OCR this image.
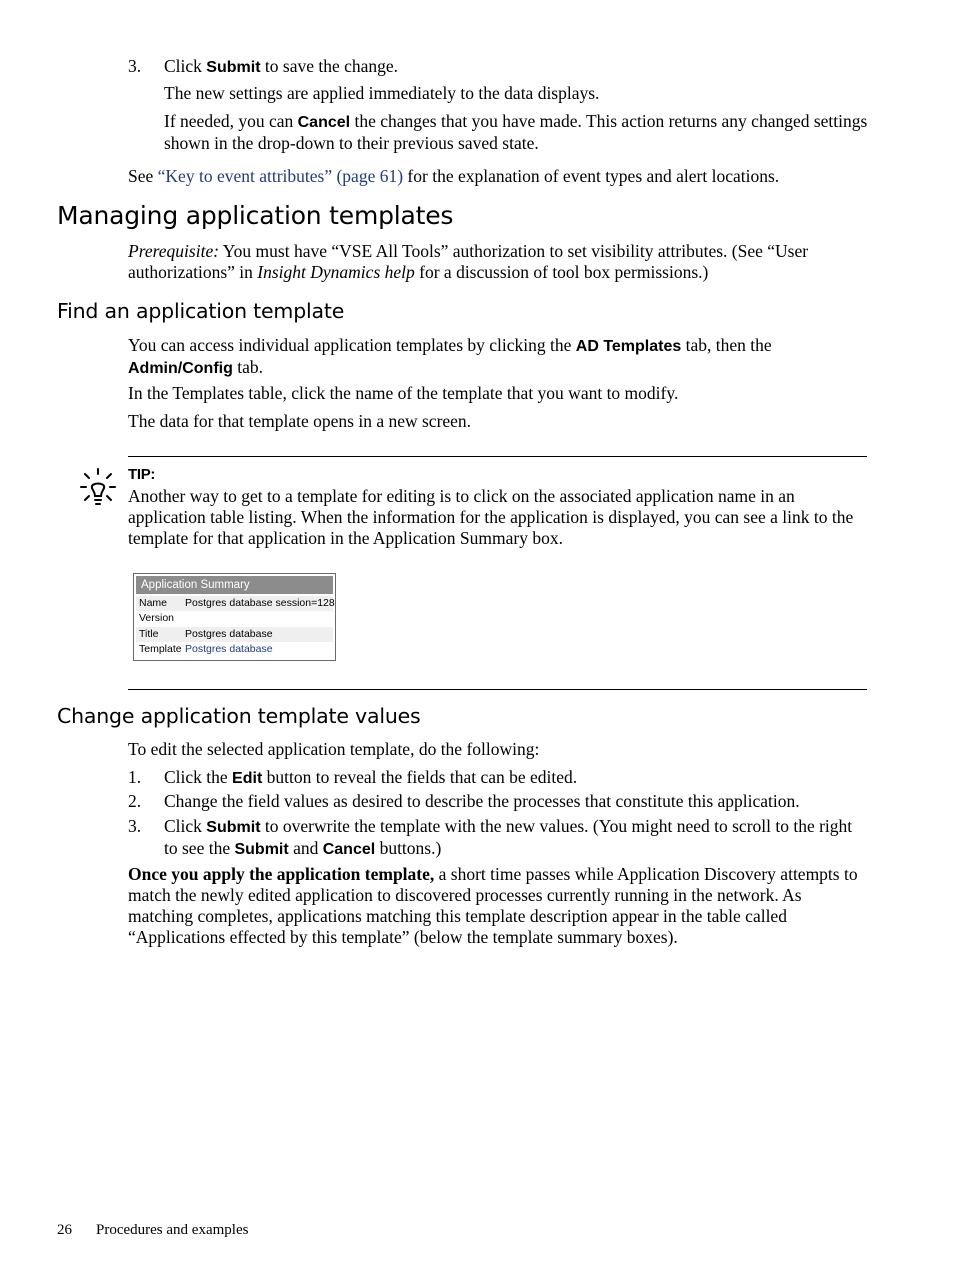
3. Click Submit to save the change.

The new settings are applied immediately to the data displays.

If needed, you can Cancel the changes that you have made. This action returns any changed settings shown in the drop-down to their previous saved state.

See “Key to event attributes” (page 61) for the explanation of event types and alert locations.

Managing application templates

Prerequisite: You must have “VSE All Tools” authorization to set visibility attributes. (See “User authorizations” in Insight Dynamics help for a discussion of tool box permissions.)

Find an application template

You can access individual application templates by clicking the AD Templates tab, then the Admin/Config tab.

In the Templates table, click the name of the template that you want to modify.

The data for that template opens in a new screen.

TIP:

Another way to get to a template for editing is to click on the associated application name in an application table listing. When the information for the application is displayed, you can see a link to the template for that application in the Application Summary box.

Application Summary
Name Postgres database session=128
Version
Title	Postgres database
Template Postgres database
Change application template values

To edit the selected application template, do the following:

1. Click the Edit button to reveal the fields that can be edited.

2. Change the field values as desired to describe the processes that constitute this application.

3. Click Submit to overwrite the template with the new values. (You might need to scroll to the right to see the Submit and Cancel buttons.)

Once you apply the application template, a short time passes while Application Discovery attempts to match the newly edited application to discovered processes currently running in the network. As matching completes, applications matching this template description appear in the table called “Applications effected by this template” (below the template summary boxes).

26 Procedures and examples
